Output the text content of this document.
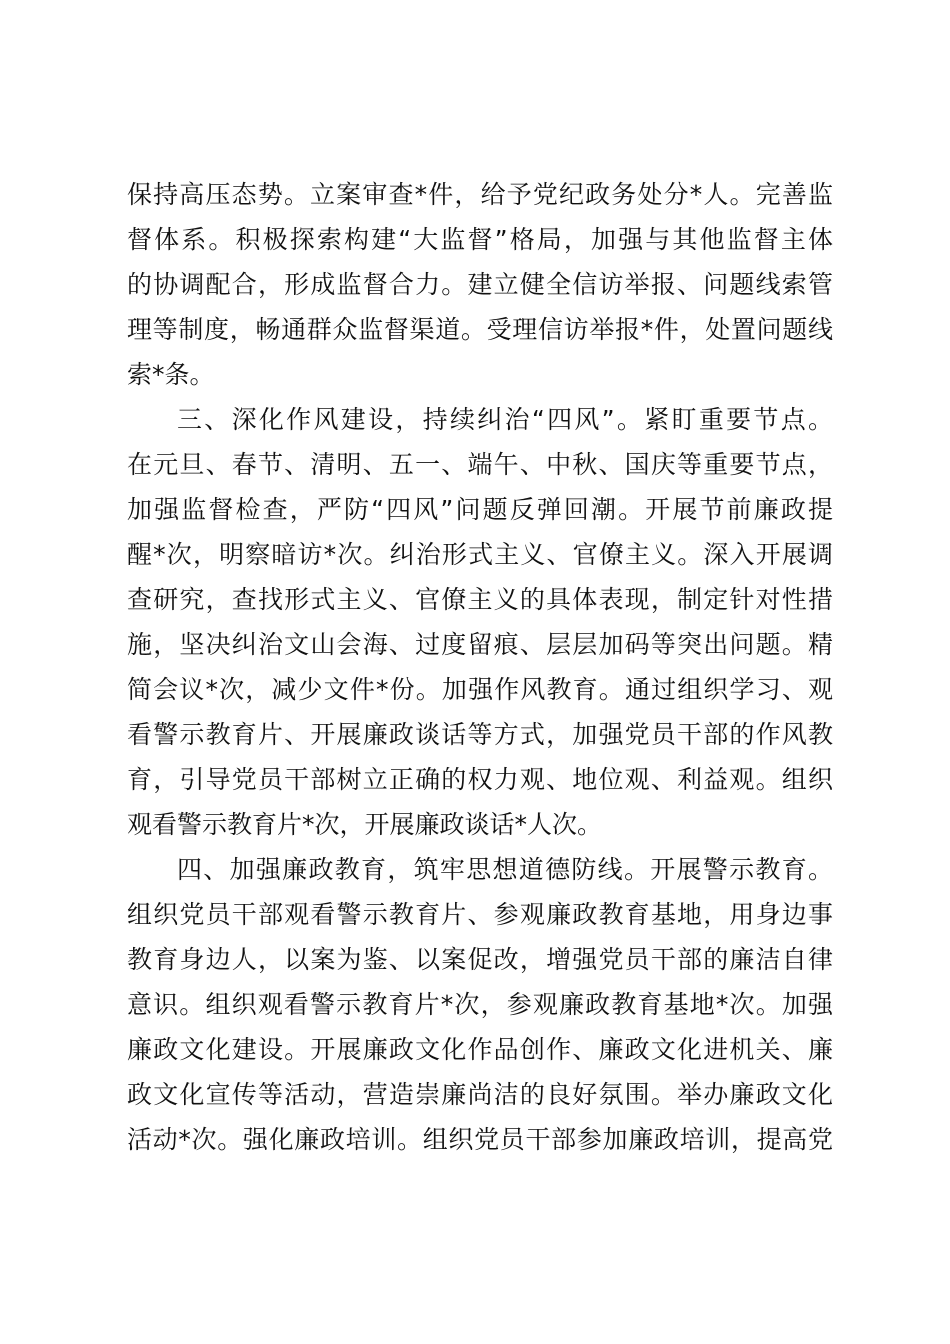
保持高压态势。立案审查*件，给予党纪政务处分*人。完善监
督体系。积极探索构建“大监督”格局，加强与其他监督主体
的协调配合，形成监督合力。建立健全信访举报、问题线索管
理等制度，畅通群众监督渠道。受理信访举报*件，处置问题线
索*条。
三、深化作风建设，持续纠治“四风”。紧盯重要节点。
在元旦、春节、清明、五一、端午、中秋、国庆等重要节点，
加强监督检查，严防“四风”问题反弹回潮。开展节前廉政提
醒*次，明察暗访*次。纠治形式主义、官僚主义。深入开展调
查研究，查找形式主义、官僚主义的具体表现，制定针对性措
施，坚决纠治文山会海、过度留痕、层层加码等突出问题。精
简会议*次，减少文件*份。加强作风教育。通过组织学习、观
看警示教育片、开展廉政谈话等方式，加强党员干部的作风教
育，引导党员干部树立正确的权力观、地位观、利益观。组织
观看警示教育片*次，开展廉政谈话*人次。
四、加强廉政教育，筑牢思想道德防线。开展警示教育。
组织党员干部观看警示教育片、参观廉政教育基地，用身边事
教育身边人，以案为鉴、以案促改，增强党员干部的廉洁自律
意识。组织观看警示教育片*次，参观廉政教育基地*次。加强
廉政文化建设。开展廉政文化作品创作、廉政文化进机关、廉
政文化宣传等活动，营造崇廉尚洁的良好氛围。举办廉政文化
活动*次。强化廉政培训。组织党员干部参加廉政培训，提高党
